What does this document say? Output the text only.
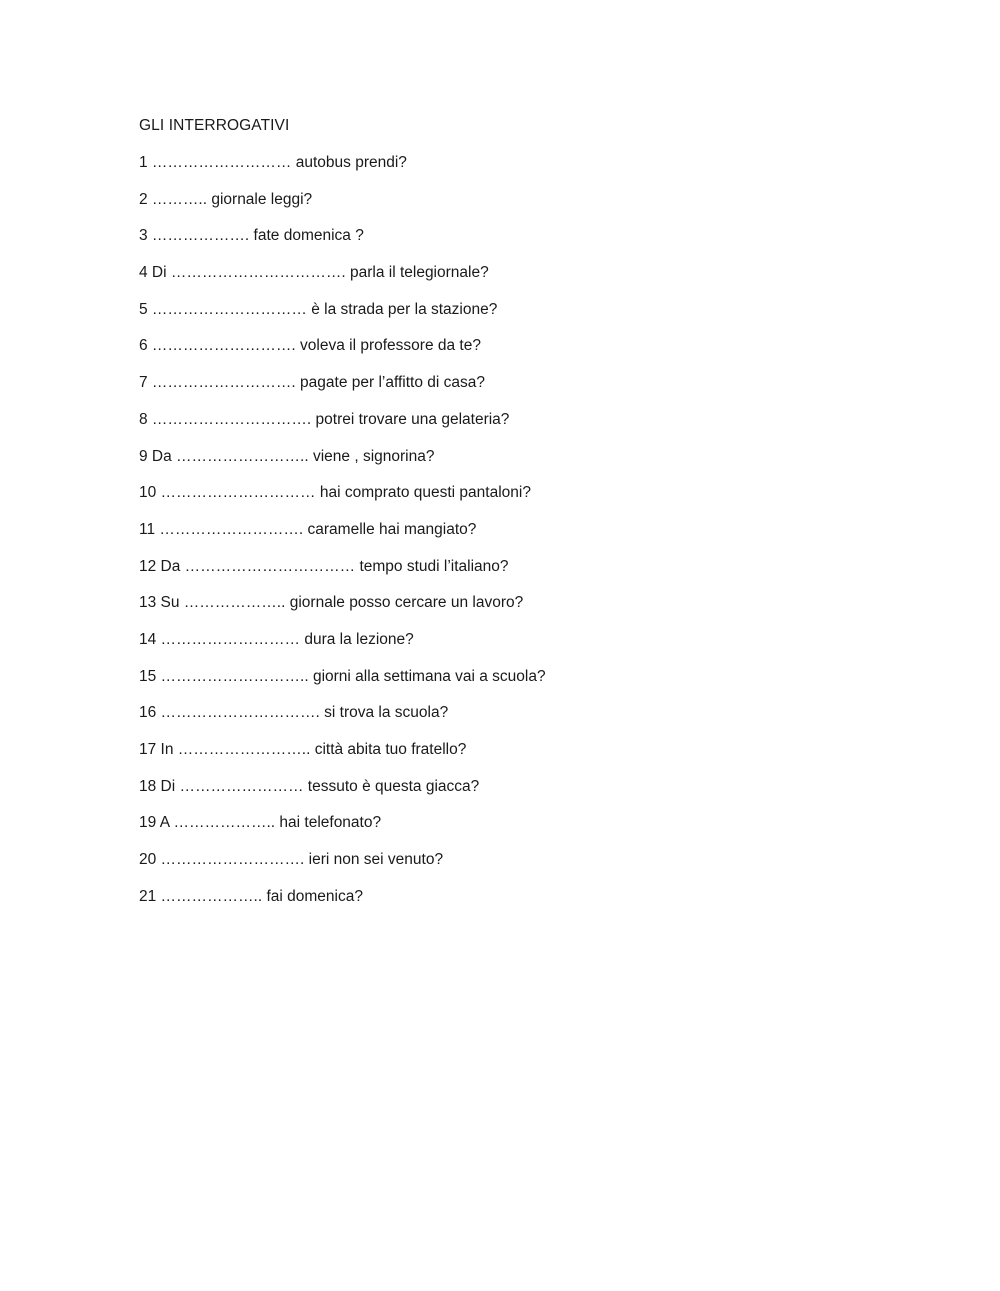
GLI INTERROGATIVI
1 ……………………… autobus prendi?
2 ……….. giornale leggi?
3 ………………. fate domenica ?
4 Di ……………………………. parla il telegiornale?
5 ………………………… è la strada per la stazione?
6 ………………………. voleva il professore da te?
7 ………………………. pagate per l’affitto di casa?
8 …………………………. potrei trovare una gelateria?
9 Da …………………….. viene , signorina?
10 ………………………… hai comprato questi pantaloni?
11 ………………………. caramelle hai mangiato?
12 Da …………………………… tempo studi l’italiano?
13 Su ……………….. giornale posso cercare un lavoro?
14 ……………………… dura la lezione?
15 ……………………….. giorni alla settimana vai a scuola?
16 …………………………. si trova la scuola?
17 In …………………….. città abita tuo fratello?
18 Di …………………… tessuto è questa giacca?
19 A ……………….. hai telefonato?
20 ………………………. ieri non sei venuto?
21 ……………….. fai domenica?
